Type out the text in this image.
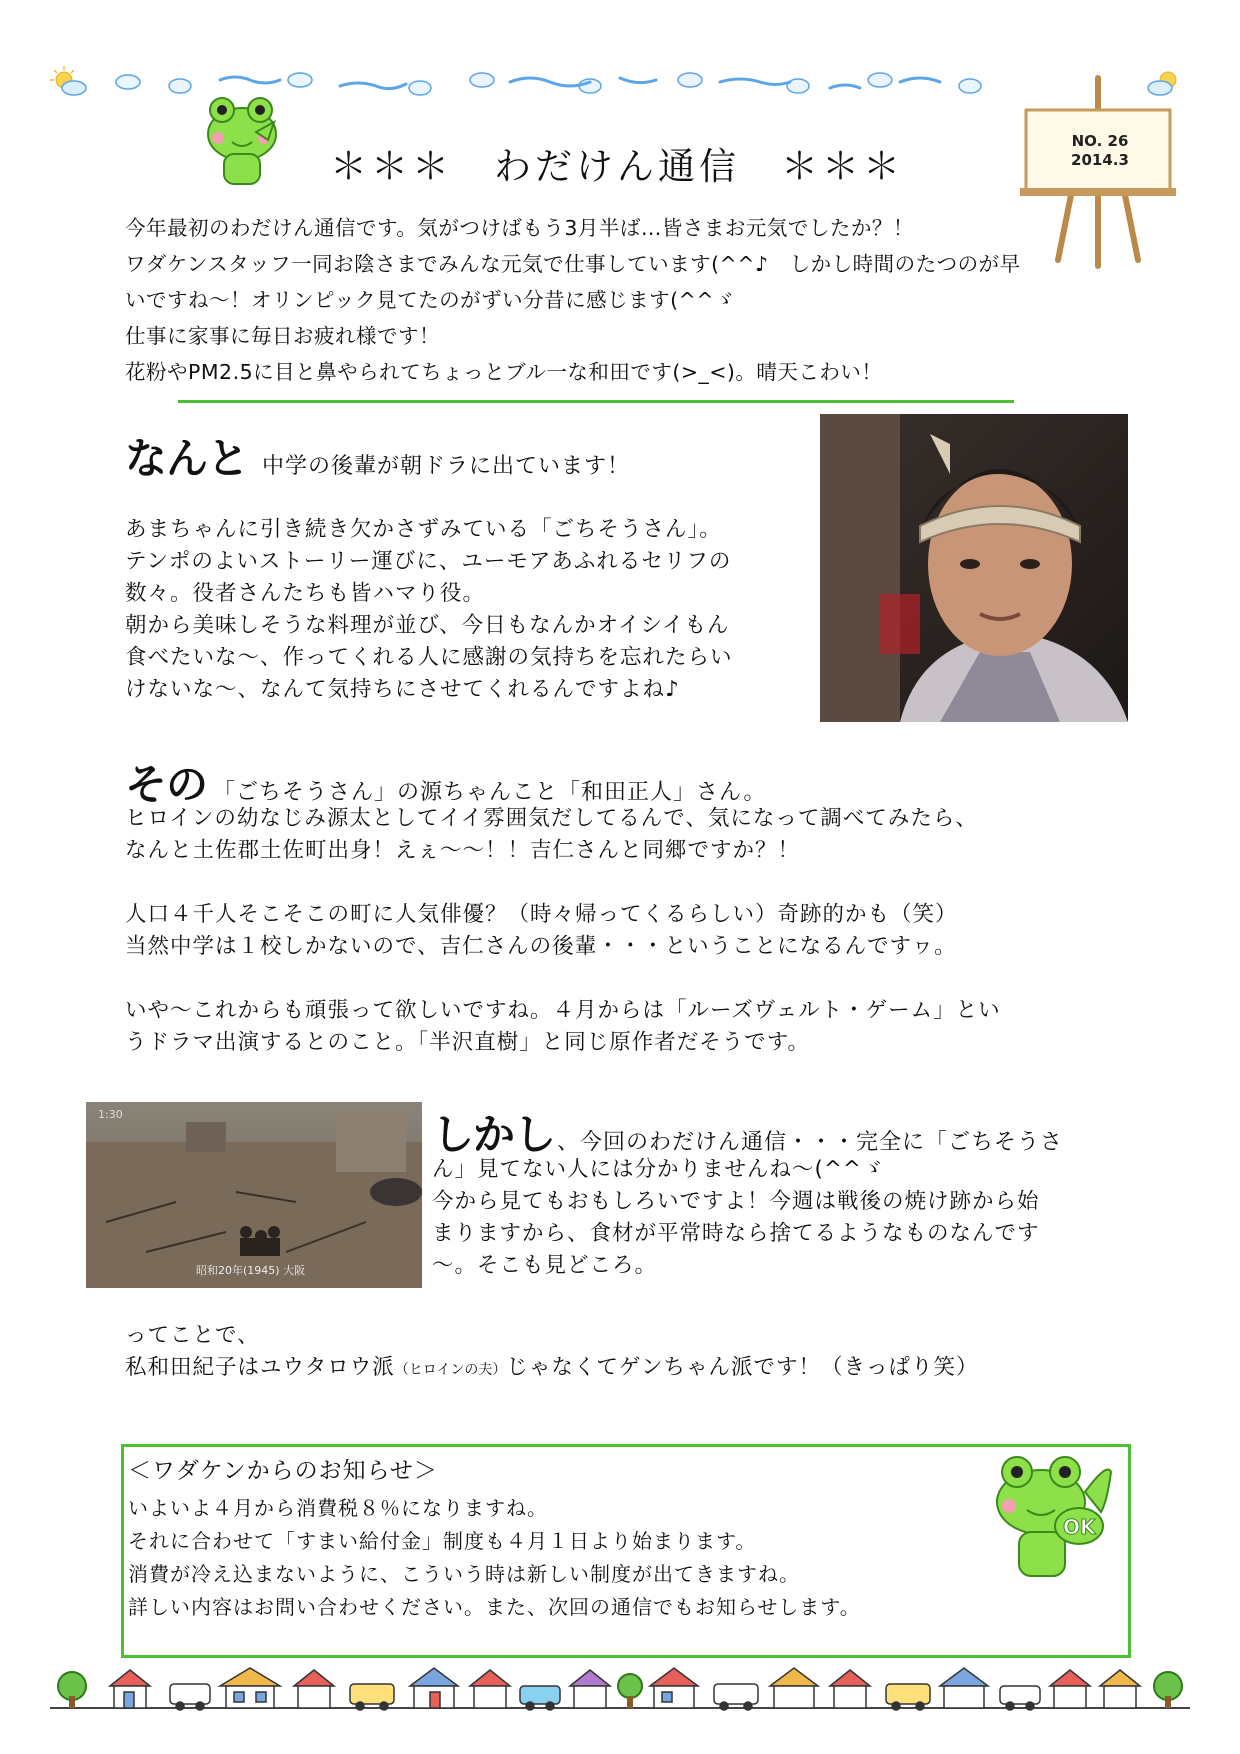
＊＊＊　わだけん通信　＊＊＊
NO. 26
2014.3
今年最初のわだけん通信です。気がつけばもう3月半ば…皆さまお元気でしたか？！
ワダケンスタッフ一同お陰さまでみんな元気で仕事しています(^^♪　しかし時間のたつのが早
いですね～！オリンピック見てたのがずい分昔に感じます(^^ゞ
仕事に家事に毎日お疲れ様です！
花粉やPM2.5に目と鼻やられてちょっとブル一な和田です(>_<)。晴天こわい！
なんと 中学の後輩が朝ドラに出ています！
あまちゃんに引き続き欠かさずみている「ごちそうさん」。
テンポのよいストーリー運びに、ユーモアあふれるセリフの
数々。役者さんたちも皆ハマり役。
朝から美味しそうな料理が並び、今日もなんかオイシイもん
食べたいな～、作ってくれる人に感謝の気持ちを忘れたらい
けないな～、なんて気持ちにさせてくれるんですよね♪
その 「ごちそうさん」の源ちゃんこと「和田正人」さん。
ヒロインの幼なじみ源太としてイイ雰囲気だしてるんで、気になって調べてみたら、
なんと土佐郡土佐町出身！えぇ～～！！吉仁さんと同郷ですか？！
人口４千人そこそこの町に人気俳優？（時々帰ってくるらしい）奇跡的かも（笑）
当然中学は１校しかないので、吉仁さんの後輩・・・ということになるんですヮ。
いや～これからも頑張って欲しいですね。４月からは「ルーズヴェルト・ゲーム」とい
うドラマ出演するとのこと。「半沢直樹」と同じ原作者だそうです。
1:30
昭和20年(1945) 大阪
しかし、今回のわだけん通信・・・完全に「ごちそうさ
ん」見てない人には分かりませんね～(^^ゞ
今から見てもおもしろいですよ！今週は戦後の焼け跡から始
まりますから、食材が平常時なら捨てるようなものなんです
～。そこも見どころ。
ってことで、
私和田紀子はユウタロウ派（ヒロインの夫）じゃなくてゲンちゃん派です！（きっぱり笑）
＜ワダケンからのお知らせ＞
いよいよ４月から消費税８％になりますね。
それに合わせて「すまい給付金」制度も４月１日より始まります。
消費が冷え込まないように、こういう時は新しい制度が出てきますね。
詳しい内容はお問い合わせください。また、次回の通信でもお知らせします。
OK
